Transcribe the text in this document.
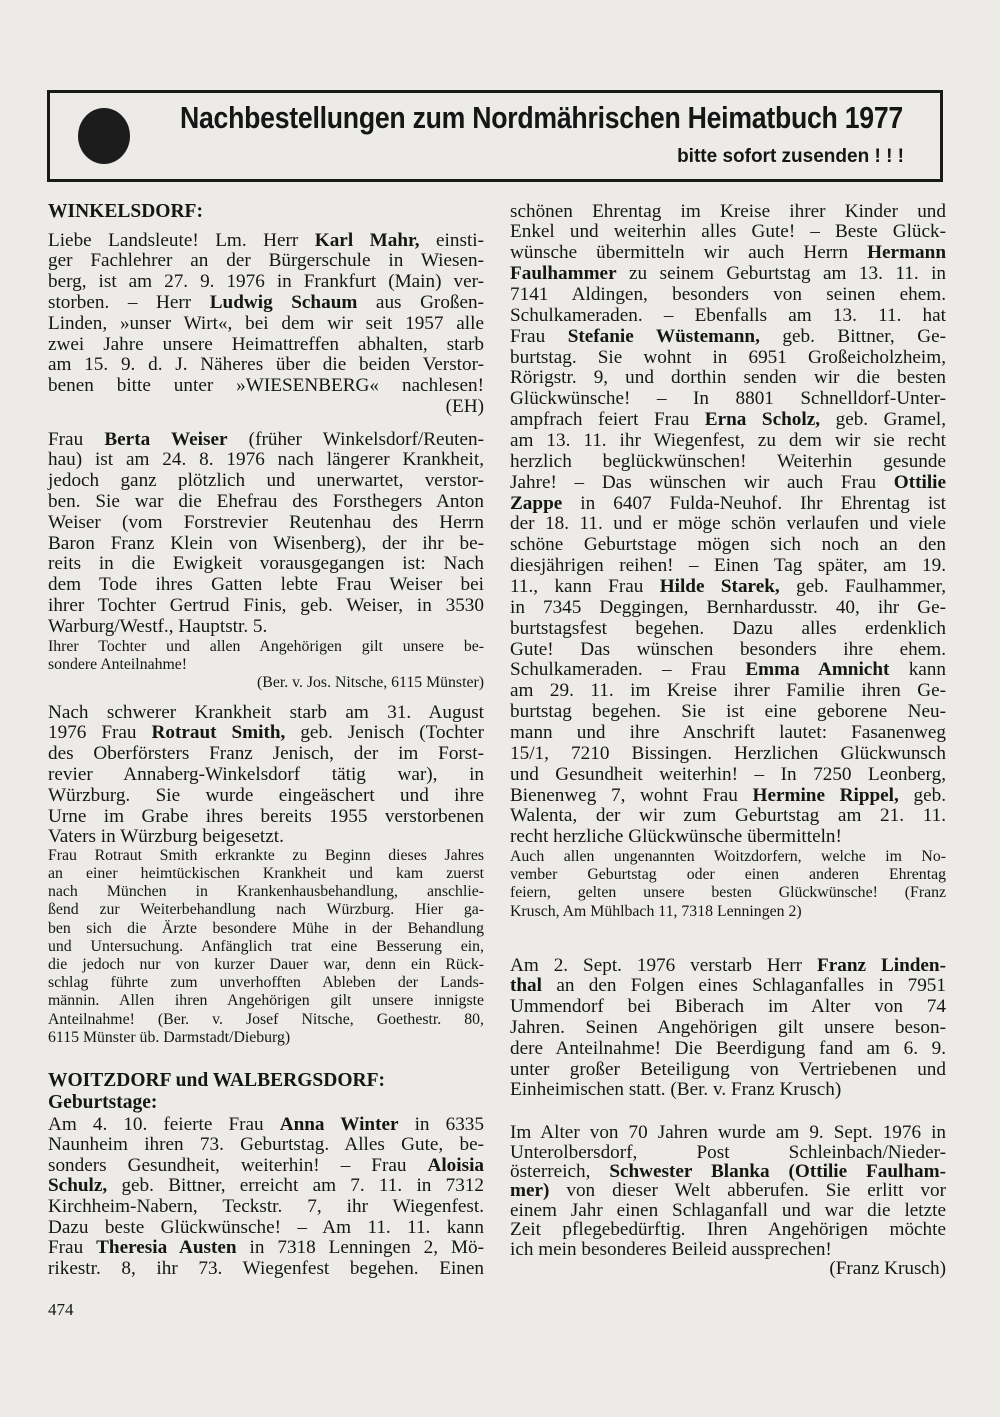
Nachbestellungen zum Nordmährischen Heimatbuch 1977
bitte sofort zusenden ! ! !
WINKELSDORF:
WOITZDORF und WALBERGSDORF:
Geburtstage:
Liebe Landsleute! Lm. Herr Karl Mahr, einsti-
ger Fachlehrer an der Bürgerschule in Wiesen-
berg, ist am 27. 9. 1976 in Frankfurt (Main) ver-
storben. – Herr Ludwig Schaum aus Großen-
Linden, »unser Wirt«, bei dem wir seit 1957 alle
zwei Jahre unsere Heimattreffen abhalten, starb
am 15. 9. d. J. Näheres über die beiden Verstor-
benen bitte unter »WIESENBERG« nachlesen!
(EH)
Frau Berta Weiser (früher Winkelsdorf/Reuten-
hau) ist am 24. 8. 1976 nach längerer Krankheit,
jedoch ganz plötzlich und unerwartet, verstor-
ben. Sie war die Ehefrau des Forsthegers Anton
Weiser (vom Forstrevier Reutenhau des Herrn
Baron Franz Klein von Wisenberg), der ihr be-
reits in die Ewigkeit vorausgegangen ist: Nach
dem Tode ihres Gatten lebte Frau Weiser bei
ihrer Tochter Gertrud Finis, geb. Weiser, in 3530
Warburg/Westf., Hauptstr. 5.
Ihrer Tochter und allen Angehörigen gilt unsere be-
sondere Anteilnahme!
(Ber. v. Jos. Nitsche, 6115 Münster)
Nach schwerer Krankheit starb am 31. August
1976 Frau Rotraut Smith, geb. Jenisch (Tochter
des Oberförsters Franz Jenisch, der im Forst-
revier Annaberg-Winkelsdorf tätig war), in
Würzburg. Sie wurde eingeäschert und ihre
Urne im Grabe ihres bereits 1955 verstorbenen
Vaters in Würzburg beigesetzt.
Frau Rotraut Smith erkrankte zu Beginn dieses Jahres
an einer heimtückischen Krankheit und kam zuerst
nach München in Krankenhausbehandlung, anschlie-
ßend zur Weiterbehandlung nach Würzburg. Hier ga-
ben sich die Ärzte besondere Mühe in der Behandlung
und Untersuchung. Anfänglich trat eine Besserung ein,
die jedoch nur von kurzer Dauer war, denn ein Rück-
schlag führte zum unverhofften Ableben der Lands-
männin. Allen ihren Angehörigen gilt unsere innigste
Anteilnahme! (Ber. v. Josef Nitsche, Goethestr. 80,
6115 Münster üb. Darmstadt/Dieburg)
Am 4. 10. feierte Frau Anna Winter in 6335
Naunheim ihren 73. Geburtstag. Alles Gute, be-
sonders Gesundheit, weiterhin! – Frau Aloisia
Schulz, geb. Bittner, erreicht am 7. 11. in 7312
Kirchheim-Nabern, Teckstr. 7, ihr Wiegenfest.
Dazu beste Glückwünsche! – Am 11. 11. kann
Frau Theresia Austen in 7318 Lenningen 2, Mö-
rikestr. 8, ihr 73. Wiegenfest begehen. Einen
schönen Ehrentag im Kreise ihrer Kinder und
Enkel und weiterhin alles Gute! – Beste Glück-
wünsche übermitteln wir auch Herrn Hermann
Faulhammer zu seinem Geburtstag am 13. 11. in
7141 Aldingen, besonders von seinen ehem.
Schulkameraden. – Ebenfalls am 13. 11. hat
Frau Stefanie Wüstemann, geb. Bittner, Ge-
burtstag. Sie wohnt in 6951 Großeicholzheim,
Rörigstr. 9, und dorthin senden wir die besten
Glückwünsche! – In 8801 Schnelldorf-Unter-
ampfrach feiert Frau Erna Scholz, geb. Gramel,
am 13. 11. ihr Wiegenfest, zu dem wir sie recht
herzlich beglückwünschen! Weiterhin gesunde
Jahre! – Das wünschen wir auch Frau Ottilie
Zappe in 6407 Fulda-Neuhof. Ihr Ehrentag ist
der 18. 11. und er möge schön verlaufen und viele
schöne Geburtstage mögen sich noch an den
diesjährigen reihen! – Einen Tag später, am 19.
11., kann Frau Hilde Starek, geb. Faulhammer,
in 7345 Deggingen, Bernhardusstr. 40, ihr Ge-
burtstagsfest begehen. Dazu alles erdenklich
Gute! Das wünschen besonders ihre ehem.
Schulkameraden. – Frau Emma Amnicht kann
am 29. 11. im Kreise ihrer Familie ihren Ge-
burtstag begehen. Sie ist eine geborene Neu-
mann und ihre Anschrift lautet: Fasanenweg
15/1, 7210 Bissingen. Herzlichen Glückwunsch
und Gesundheit weiterhin! – In 7250 Leonberg,
Bienenweg 7, wohnt Frau Hermine Rippel, geb.
Walenta, der wir zum Geburtstag am 21. 11.
recht herzliche Glückwünsche übermitteln!
Auch allen ungenannten Woitzdorfern, welche im No-
vember Geburtstag oder einen anderen Ehrentag
feiern, gelten unsere besten Glückwünsche! (Franz
Krusch, Am Mühlbach 11, 7318 Lenningen 2)
Am 2. Sept. 1976 verstarb Herr Franz Linden-
thal an den Folgen eines Schlaganfalles in 7951
Ummendorf bei Biberach im Alter von 74
Jahren. Seinen Angehörigen gilt unsere beson-
dere Anteilnahme! Die Beerdigung fand am 6. 9.
unter großer Beteiligung von Vertriebenen und
Einheimischen statt. (Ber. v. Franz Krusch)
Im Alter von 70 Jahren wurde am 9. Sept. 1976 in
Unterolbersdorf, Post Schleinbach/Nieder-
österreich, Schwester Blanka (Ottilie Faulham-
mer) von dieser Welt abberufen. Sie erlitt vor
einem Jahr einen Schlaganfall und war die letzte
Zeit pflegebedürftig. Ihren Angehörigen möchte
ich mein besonderes Beileid aussprechen!
(Franz Krusch)
474
